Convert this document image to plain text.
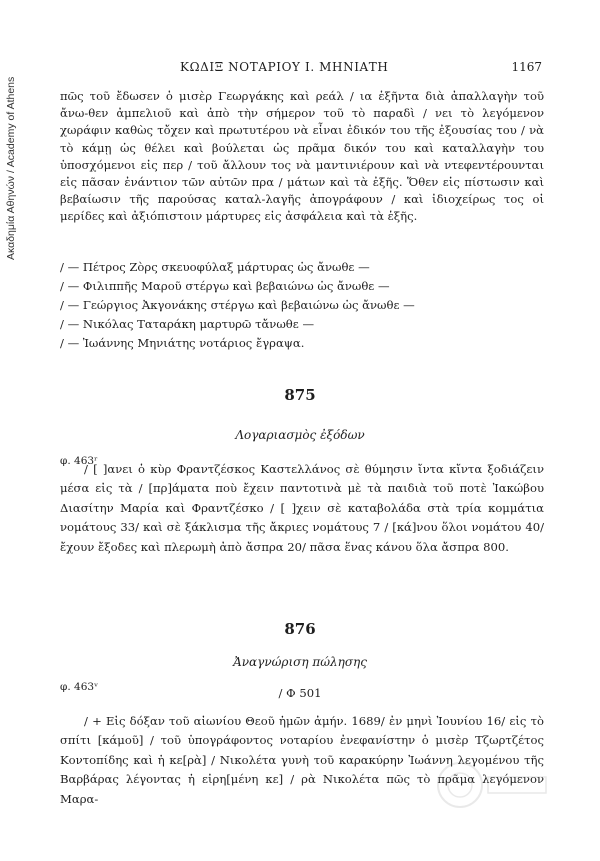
Ακαδημία Αθηνών / Academy of Athens
ΚΩΔΙΞ ΝΟΤΑΡΙΟΥ Ι. ΜΗΝΙΑΤΗ	1167

πῶς τοῦ ἔδωσεν ὁ μισὲρ Γεωργάκης καὶ ρεάλ / ια ἑξῆντα διὰ ἀπαλλαγὴν τοῦ ἄνω-θεν ἀμπελιοῦ καὶ ἀπὸ τὴν σήμερον τοῦ τὸ παραδὶ / νει τὸ λεγόμενον χωράφιν καθὼς τὄχεν καὶ πρωτυτέρου νὰ εἶναι ἐδικόν του τῆς ἐξουσίας του / νὰ τὸ κάμῃ ὡς θέλει καὶ βούλεται ὡς πρᾶμα δικόν του καὶ καταλλαγὴν του ὑποσχόμενοι εἰς περ / τοῦ ἄλλουν τος νὰ μαντινιέρουν καὶ νὰ ντεφεντέρουνται εἰς πᾶσαν ἐνάντιον τῶν αὐτῶν πρα / μάτων καὶ τὰ ἐξῆς. Ὅθεν εἰς πίστωσιν καὶ βεβαίωσιν τῆς παρούσας καταλ-λαγῆς ἀπογράφουν / καὶ ἰδιοχείρως τος οἱ μερίδες καὶ ἀξιόπιστοιν μάρτυρες εἰς ἀσφάλεια καὶ τὰ ἑξῆς.

/ — Πέτρος Ζὸρς σκευοφύλαξ μάρτυρας ὡς ἄνωθε —
/ — Φιλιππῆς Μαροῦ στέργω καὶ βεβαιώνω ὡς ἄνωθε —
/ — Γεώργιος Ἀκγονάκης στέργω καὶ βεβαιώνω ὡς ἄνωθε —
/ — Νικόλας Ταταράκη μαρτυρῶ τἄνωθε —
/ — Ἰωάννης Μηνιάτης νοτάριος ἔγραψα.
875
Λογαριασμὸς ἐξόδων
φ. 463ʳ

/ [ ]ανει ὁ κὺρ Φραντζέσκος Καστελλάνος σὲ θύμησιν ἴντα κἴντα ξοδιάζειν μέσα εἰς τὰ / [πρ]άματα ποὺ ἔχειν παντοτινὰ μὲ τὰ παιδιὰ τοῦ ποτὲ Ἰακώβου Διασίτην Μαρία καὶ Φραντζέσκο / [ ]χειν σὲ καταβολάδα στὰ τρία κομμάτια νομάτους 33/ καὶ σὲ ξάκλισμα τῆς ἄκριες νομάτους 7 / [κά]νου ὅλοι νομάτου 40/ ἔχουν ἔξοδες καὶ πλερωμὴ ἀπὸ ἄσπρα 20/ πᾶσα ἕνας κάνου ὅλα ἄσπρα 800.

876
Ἀναγνώριση πώλησης
φ. 463ᵛ	/ Φ 501

/ + Εἰς δόξαν τοῦ αἰωνίου Θεοῦ ἡμῶν ἀμήν. 1689/ ἐν μηνὶ Ἰουνίου 16/ εἰς τὸ σπίτι [κάμοῦ] / τοῦ ὑπογράφοντος νοταρίου ἐνεφανίστην ὁ μισὲρ Τζωρτζέτος Κοντοπίδης καὶ ἡ κε[ρὰ] / Νικολέτα γυνὴ τοῦ καρακύρην Ἰωάννη λεγομένου τῆς Βαρβάρας λέγοντας ἡ εἰρη[μένη κε] / ρὰ Νικολέτα πῶς τὸ πρᾶμα λεγόμενον Μαρα-
